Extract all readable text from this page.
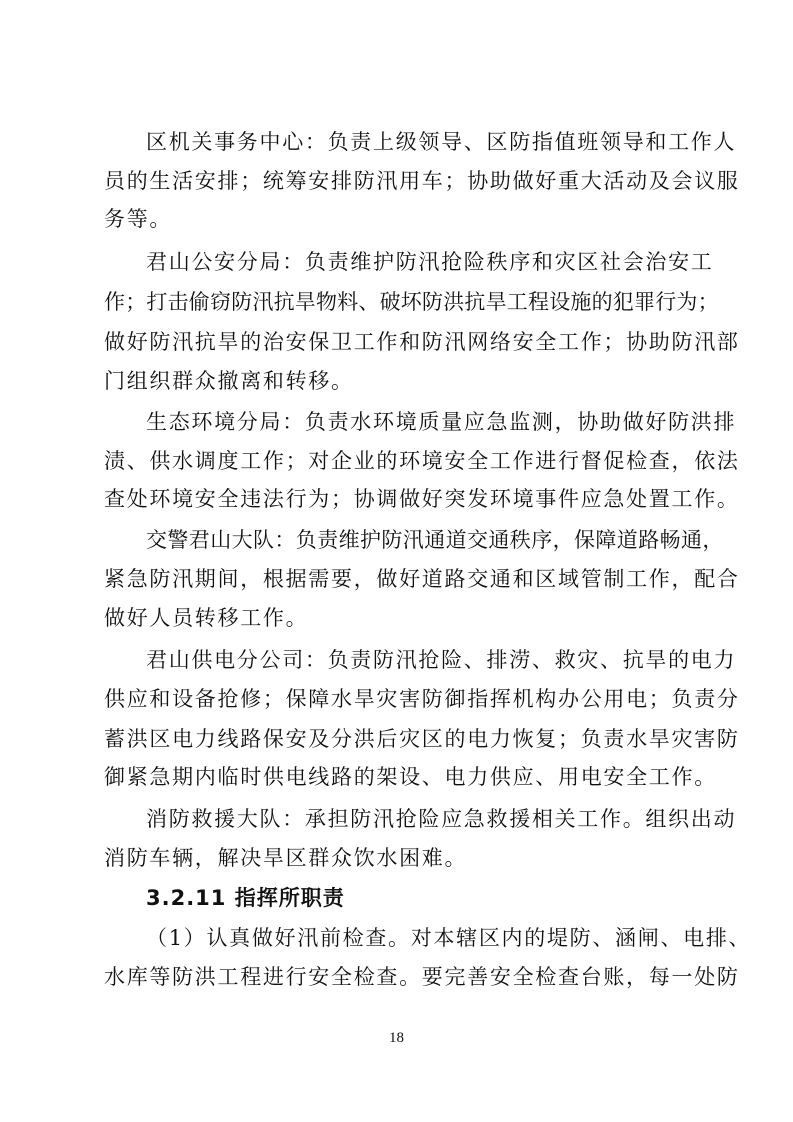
区机关事务中心：负责上级领导、区防指值班领导和工作人
员的生活安排；统筹安排防汛用车；协助做好重大活动及会议服
务等。
君山公安分局：负责维护防汛抢险秩序和灾区社会治安工
作；打击偷窃防汛抗旱物料、破坏防洪抗旱工程设施的犯罪行为；
做好防汛抗旱的治安保卫工作和防汛网络安全工作；协助防汛部
门组织群众撤离和转移。
生态环境分局：负责水环境质量应急监测，协助做好防洪排
渍、供水调度工作；对企业的环境安全工作进行督促检查，依法
查处环境安全违法行为；协调做好突发环境事件应急处置工作。
交警君山大队：负责维护防汛通道交通秩序，保障道路畅通，
紧急防汛期间，根据需要，做好道路交通和区域管制工作，配合
做好人员转移工作。
君山供电分公司：负责防汛抢险、排涝、救灾、抗旱的电力
供应和设备抢修；保障水旱灾害防御指挥机构办公用电；负责分
蓄洪区电力线路保安及分洪后灾区的电力恢复；负责水旱灾害防
御紧急期内临时供电线路的架设、电力供应、用电安全工作。
消防救援大队：承担防汛抢险应急救援相关工作。组织出动
消防车辆，解决旱区群众饮水困难。
3.2.11 指挥所职责
（1）认真做好汛前检查。对本辖区内的堤防、涵闸、电排、
水库等防洪工程进行安全检查。要完善安全检查台账，每一处防
18
